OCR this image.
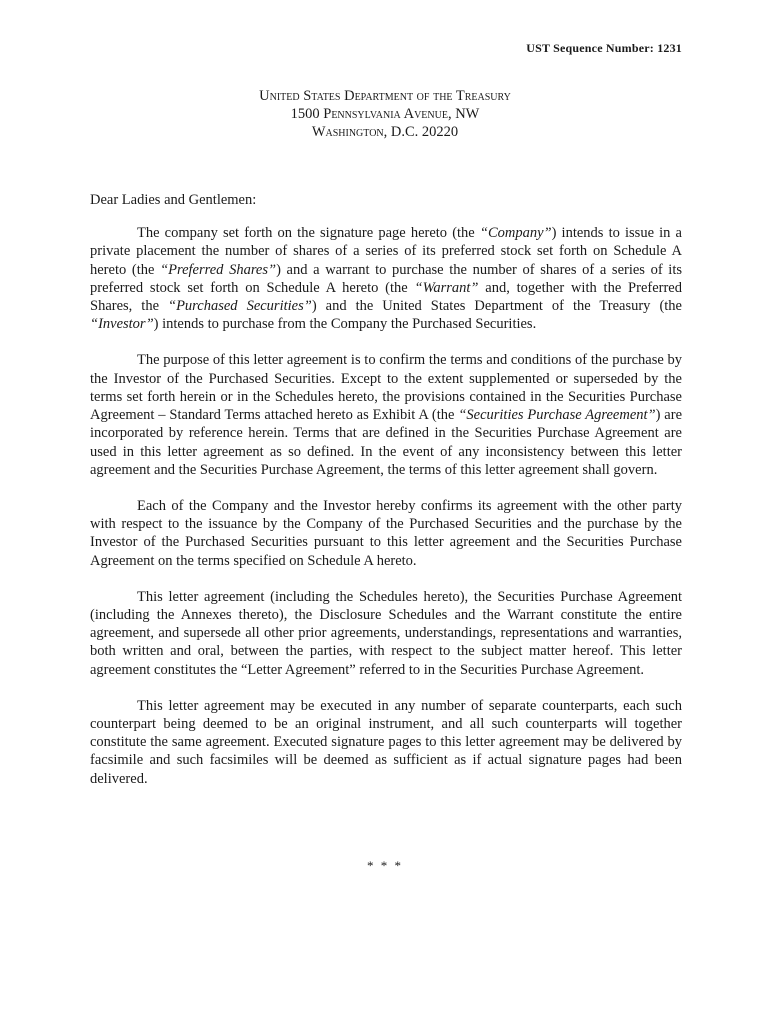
UST Sequence Number: 1231
United States Department of the Treasury
1500 Pennsylvania Avenue, NW
Washington, D.C. 20220
Dear Ladies and Gentlemen:

The company set forth on the signature page hereto (the “Company”) intends to issue in a private placement the number of shares of a series of its preferred stock set forth on Schedule A hereto (the “Preferred Shares”) and a warrant to purchase the number of shares of a series of its preferred stock set forth on Schedule A hereto (the “Warrant” and, together with the Preferred Shares, the “Purchased Securities”) and the United States Department of the Treasury (the “Investor”) intends to purchase from the Company the Purchased Securities.

The purpose of this letter agreement is to confirm the terms and conditions of the purchase by the Investor of the Purchased Securities. Except to the extent supplemented or superseded by the terms set forth herein or in the Schedules hereto, the provisions contained in the Securities Purchase Agreement – Standard Terms attached hereto as Exhibit A (the “Securities Purchase Agreement”) are incorporated by reference herein. Terms that are defined in the Securities Purchase Agreement are used in this letter agreement as so defined. In the event of any inconsistency between this letter agreement and the Securities Purchase Agreement, the terms of this letter agreement shall govern.

Each of the Company and the Investor hereby confirms its agreement with the other party with respect to the issuance by the Company of the Purchased Securities and the purchase by the Investor of the Purchased Securities pursuant to this letter agreement and the Securities Purchase Agreement on the terms specified on Schedule A hereto.

This letter agreement (including the Schedules hereto), the Securities Purchase Agreement (including the Annexes thereto), the Disclosure Schedules and the Warrant constitute the entire agreement, and supersede all other prior agreements, understandings, representations and warranties, both written and oral, between the parties, with respect to the subject matter hereof. This letter agreement constitutes the “Letter Agreement” referred to in the Securities Purchase Agreement.

This letter agreement may be executed in any number of separate counterparts, each such counterpart being deemed to be an original instrument, and all such counterparts will together constitute the same agreement. Executed signature pages to this letter agreement may be delivered by facsimile and such facsimiles will be deemed as sufficient as if actual signature pages had been delivered.

* * *
